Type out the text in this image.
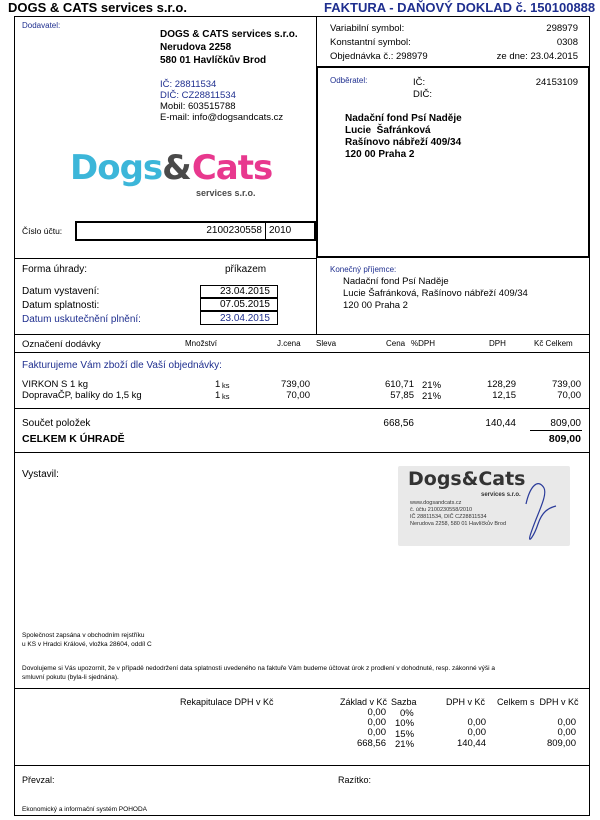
DOGS & CATS services s.r.o.	FAKTURA - DAŇOVÝ DOKLAD č. 150100888
Dodavatel:
DOGS & CATS services s.r.o.
Nerudova 2258
580 01 Havlíčkův Brod
IČ: 28811534
DIČ: CZ28811534
Mobil: 603515788
E-mail: info@dogsandcats.cz
Dogs&Cats
services s.r.o.
Variabilní symbol:	298979
Konstantní symbol:	0308
Objednávka č.: 298979	ze dne: 23.04.2015
Odběratel:	IČ:	24153109
DIČ:
Nadační fond Psí Naděje
Lucie  Šafránková
Rašínovo nábřeží 409/34
120 00 Praha 2
Číslo účtu:	2100230558 2010
Forma úhrady:	příkazem
Datum vystavení:	23.04.2015
Datum splatnosti:	07.05.2015
Datum uskutečnění plnění:	23.04.2015
Konečný příjemce:
Nadační fond Psí Naděje
Lucie Šafránková, Rašínovo nábřeží 409/34
120 00 Praha 2
Označení dodávky	Množství	J.cena Sleva	Cena %DPH	DPH	Kč Celkem
Fakturujeme Vám zboží dle Vaší objednávky:
VIRKON S 1 kg	1 ks	739,00	610,71 21%	128,29	739,00
DopravaČP, balíky do 1,5 kg	1 ks	70,00	57,85 21%	12,15	70,00
Součet položek	668,56	140,44	809,00
CELKEM K ÚHRADĚ	809,00
Vystavil:	Dogs&Cats
services s.r.o.
www.dogsandcats.cz
č. účtu 2100230558/2010
IČ 28811534, DIČ CZ28811534
Nerudova 2258, 580 01 Havlíčkův Brod
Společnost zapsána v obchodním rejstříku
u KS v Hradci Králové, vložka 28604, oddíl C
Dovolujeme si Vás upozornit, že v případě nedodržení data splatnosti uvedeného na faktuře Vám budeme účtovat úrok z prodlení v dohodnuté, resp. zákonné výši a
smluvní pokutu (byla-li sjednána).
Rekapitulace DPH v Kč	Základ v Kč Sazba	DPH v Kč Celkem s  DPH v Kč
0,00 0%
0,00 10%	0,00	0,00
0,00 15%	0,00	0,00
668,56 21%	140,44	809,00
Převzal:	Razítko:
Ekonomický a informační systém POHODA
